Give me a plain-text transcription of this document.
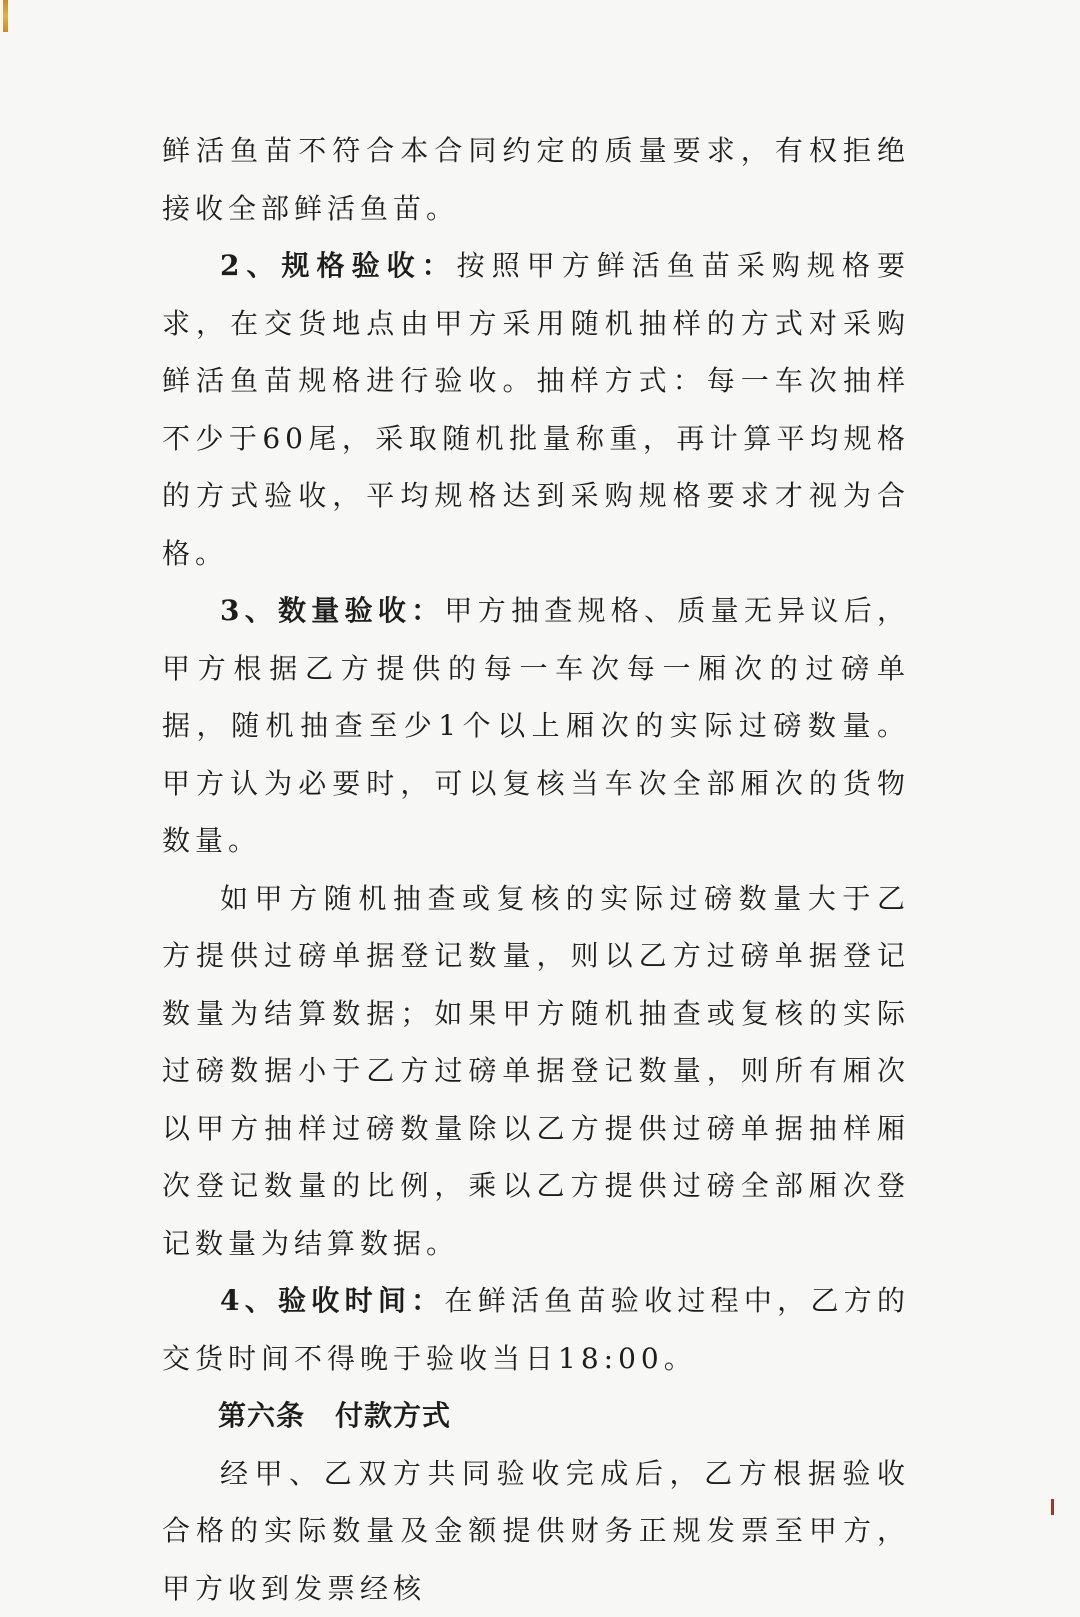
鲜活鱼苗不符合本合同约定的质量要求，有权拒绝接收全部鲜活鱼苗。

2、规格验收：按照甲方鲜活鱼苗采购规格要求，在交货地点由甲方采用随机抽样的方式对采购鲜活鱼苗规格进行验收。抽样方式：每一车次抽样不少于60尾，采取随机批量称重，再计算平均规格的方式验收，平均规格达到采购规格要求才视为合格。

3、数量验收：甲方抽查规格、质量无异议后，甲方根据乙方提供的每一车次每一厢次的过磅单据，随机抽查至少1个以上厢次的实际过磅数量。甲方认为必要时，可以复核当车次全部厢次的货物数量。

如甲方随机抽查或复核的实际过磅数量大于乙方提供过磅单据登记数量，则以乙方过磅单据登记数量为结算数据；如果甲方随机抽查或复核的实际过磅数据小于乙方过磅单据登记数量，则所有厢次以甲方抽样过磅数量除以乙方提供过磅单据抽样厢次登记数量的比例，乘以乙方提供过磅全部厢次登记数量为结算数据。

4、验收时间：在鲜活鱼苗验收过程中，乙方的交货时间不得晚于验收当日18:00。

第六条 付款方式

经甲、乙双方共同验收完成后，乙方根据验收合格的实际数量及金额提供财务正规发票至甲方，甲方收到发票经核
